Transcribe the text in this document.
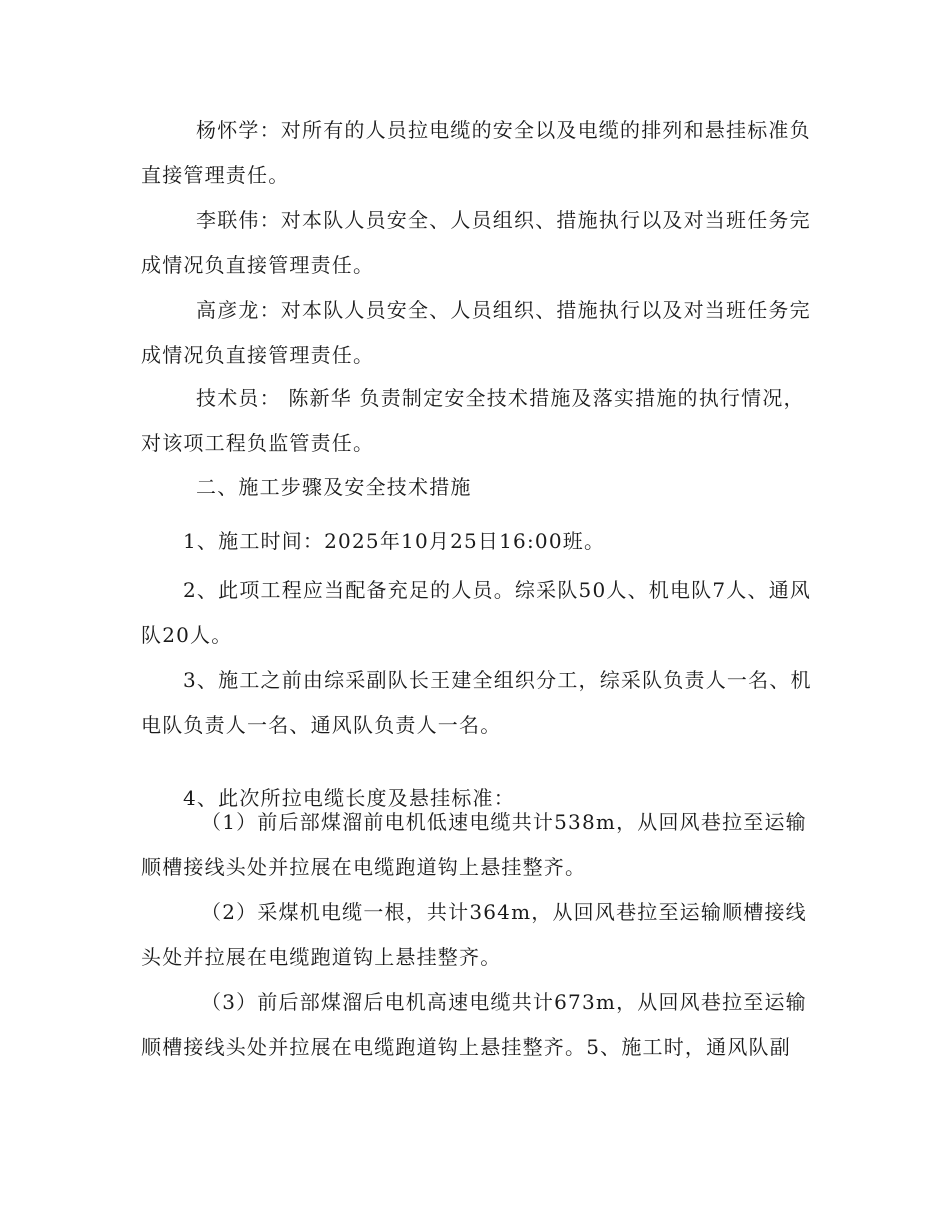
杨怀学：对所有的人员拉电缆的安全以及电缆的排列和悬挂标准负直接管理责任。

李联伟：对本队人员安全、人员组织、措施执行以及对当班任务完成情况负直接管理责任。

高彦龙：对本队人员安全、人员组织、措施执行以及对当班任务完成情况负直接管理责任。

技术员： 陈新华 负责制定安全技术措施及落实措施的执行情况，对该项工程负监管责任。

二、施工步骤及安全技术措施

1、施工时间：2025年10月25日16:00班。

2、此项工程应当配备充足的人员。综采队50人、机电队7人、通风队20人。

3、施工之前由综采副队长王建全组织分工，综采队负责人一名、机电队负责人一名、通风队负责人一名。

4、此次所拉电缆长度及悬挂标准：

（1）前后部煤溜前电机低速电缆共计538m，从回风巷拉至运输顺槽接线头处并拉展在电缆跑道钩上悬挂整齐。

（2）采煤机电缆一根，共计364m，从回风巷拉至运输顺槽接线头处并拉展在电缆跑道钩上悬挂整齐。

（3）前后部煤溜后电机高速电缆共计673m，从回风巷拉至运输顺槽接线头处并拉展在电缆跑道钩上悬挂整齐。5、施工时，通风队副
